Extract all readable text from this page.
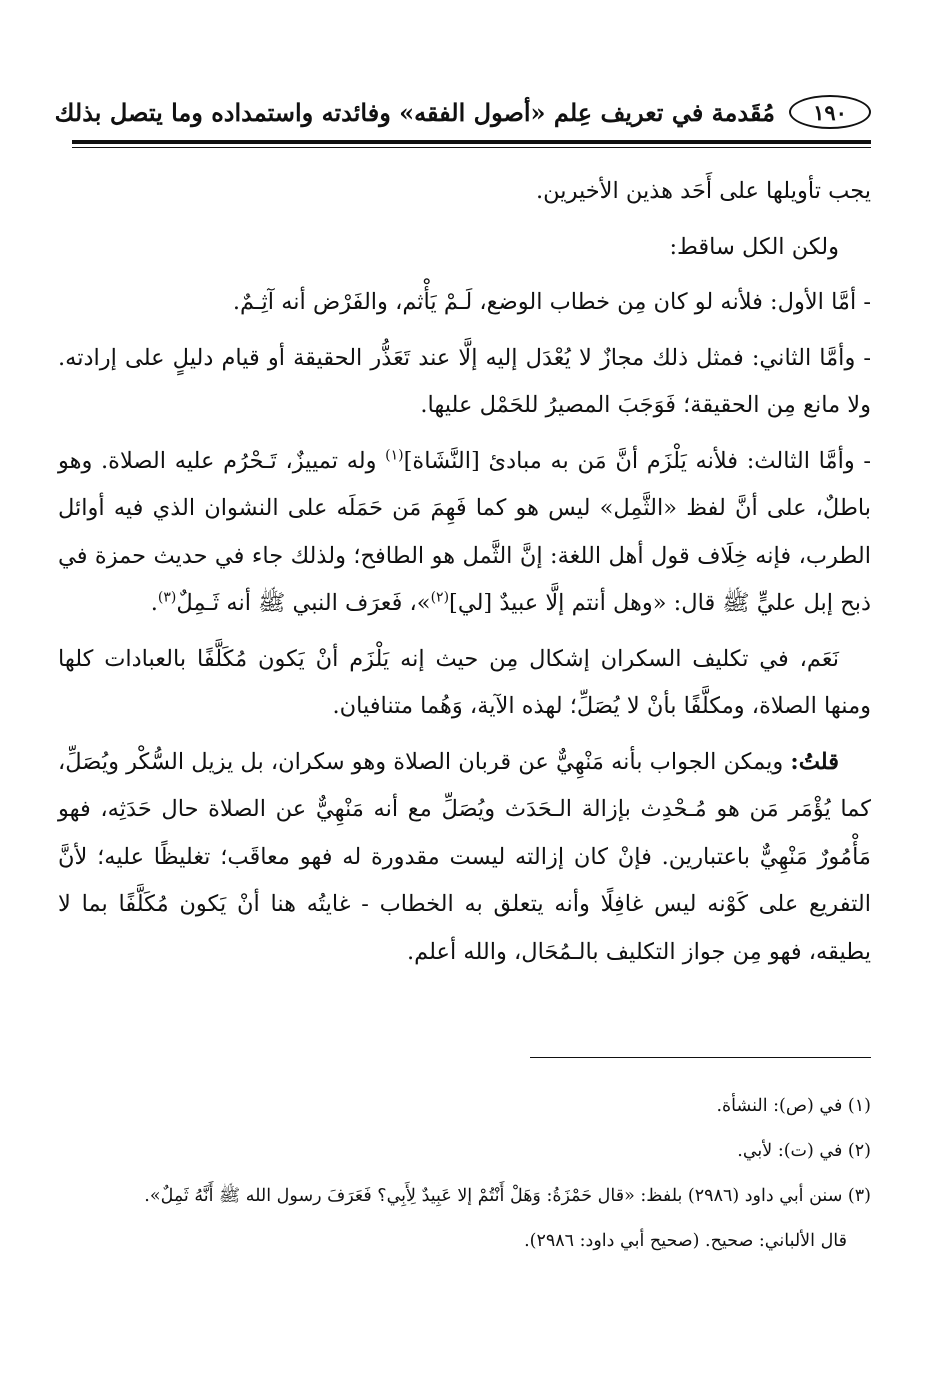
١٩٠
مُقَدمة في تعريف عِلم «أصول الفقه» وفائدته واستمداده وما يتصل بذلك

يجب تأويلها على أَحَد هذين الأخيرين.

ولكن الكل ساقط:

- أمَّا الأول: فلأنه لو كان مِن خطاب الوضع، لَـمْ يَأْثم، والفَرْض أنه آثِـمٌ.

- وأمَّا الثاني: فمثل ذلك مجازٌ لا يُعْدَل إليه إلَّا عند تَعَذُّر الحقيقة أو قيام دليلٍ على إرادته. ولا مانع مِن الحقيقة؛ فَوَجَبَ المصيرُ للحَمْل عليها.

- وأمَّا الثالث: فلأنه يَلْزَم أنَّ مَن به مبادئ [النَّشَاة]$^{(١)}$ وله تمييزٌ، تَـحْرُم عليه الصلاة. وهو باطلٌ، على أنَّ لفظ «الثَّمِل» ليس هو كما فَهِمَ مَن حَمَلَه على النشوان الذي فيه أوائل الطرب، فإنه خِلَاف قول أهل اللغة: إنَّ الثَّمل هو الطافح؛ ولذلك جاء في حديث حمزة في ذبح إبل عليٍّ ﷺ قال: «وهل أنتم إلَّا عبيدٌ [لي]$^{(٢)}$»، فَعرَف النبي ﷺ أنه ثَـمِلٌ$^{(٣)}$.

نَعَم، في تكليف السكران إشكال مِن حيث إنه يَلْزَم أنْ يَكون مُكَلَّفًا بالعبادات كلها ومنها الصلاة، ومكلَّفًا بأنْ لا يُصَلِّ؛ لهذه الآية، وَهُما متنافيان.

قلتُ: ويمكن الجواب بأنه مَنْهِيٌّ عن قربان الصلاة وهو سكران، بل يزيل السُّكْر ويُصَلِّ، كما يُؤْمَر مَن هو مُـحْدِث بإزالة الـحَدَث ويُصَلِّ مع أنه مَنْهِيٌّ عن الصلاة حال حَدَثِه، فهو مَأْمُورٌ مَنْهِيٌّ باعتبارين. فإنْ كان إزالته ليست مقدورة له فهو معاقَب؛ تغليظًا عليه؛ لأنَّ التفريع على كَوْنه ليس غافِلًا وأنه يتعلق به الخطاب - غايتُه هنا أنْ يَكون مُكَلَّفًا بما لا يطيقه، فهو مِن جواز التكليف بالـمُحَال، والله أعلم.

(١) في (ص): النشأة.

(٢) في (ت): لأبي.

(٣) سنن أبي داود (٢٩٨٦) بلفظ: «قال حَمْزَةُ: وَهَلْ أَنْتُمْ إلا عَبِيدٌ لِأَبِي؟ فَعَرَفَ رسول الله ﷺ أَنَّهُ ثَمِلٌ».

قال الألباني: صحيح. (صحيح أبي داود: ٢٩٨٦).
